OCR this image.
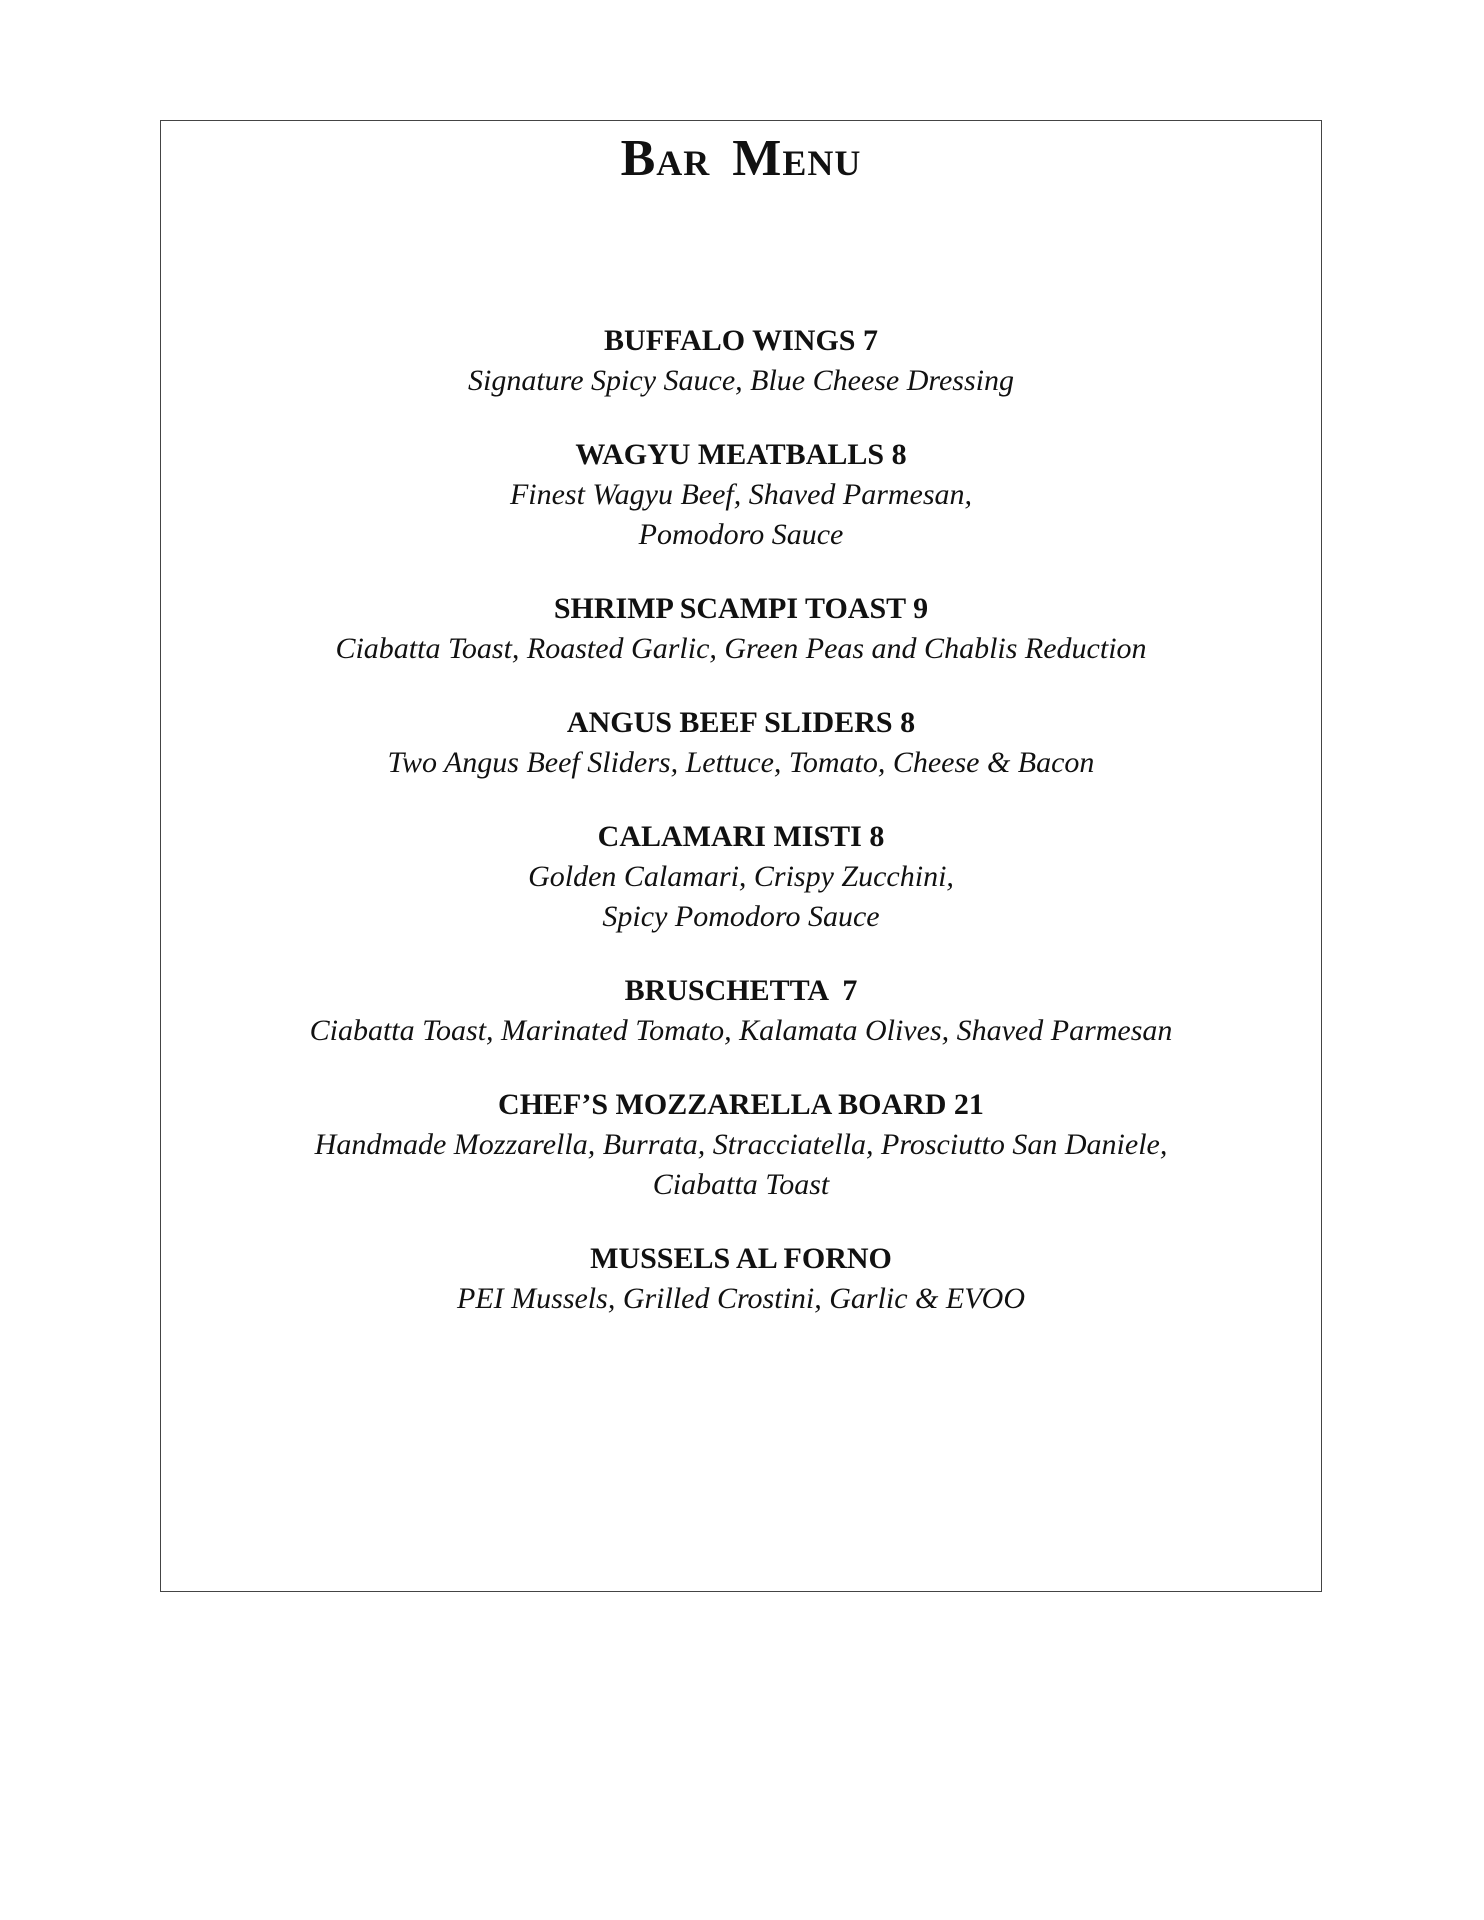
Bar Menu

BUFFALO WINGS 7

Signature Spicy Sauce, Blue Cheese Dressing

WAGYU MEATBALLS 8

Finest Wagyu Beef, Shaved Parmesan,

Pomodoro Sauce

SHRIMP SCAMPI TOAST 9

Ciabatta Toast, Roasted Garlic, Green Peas and Chablis Reduction

ANGUS BEEF SLIDERS 8

Two Angus Beef Sliders, Lettuce, Tomato, Cheese & Bacon

CALAMARI MISTI 8

Golden Calamari, Crispy Zucchini,

Spicy Pomodoro Sauce

BRUSCHETTA  7

Ciabatta Toast, Marinated Tomato, Kalamata Olives, Shaved Parmesan

CHEF’S MOZZARELLA BOARD 21

Handmade Mozzarella, Burrata, Stracciatella, Prosciutto San Daniele,

Ciabatta Toast

MUSSELS AL FORNO

PEI Mussels, Grilled Crostini, Garlic & EVOO
